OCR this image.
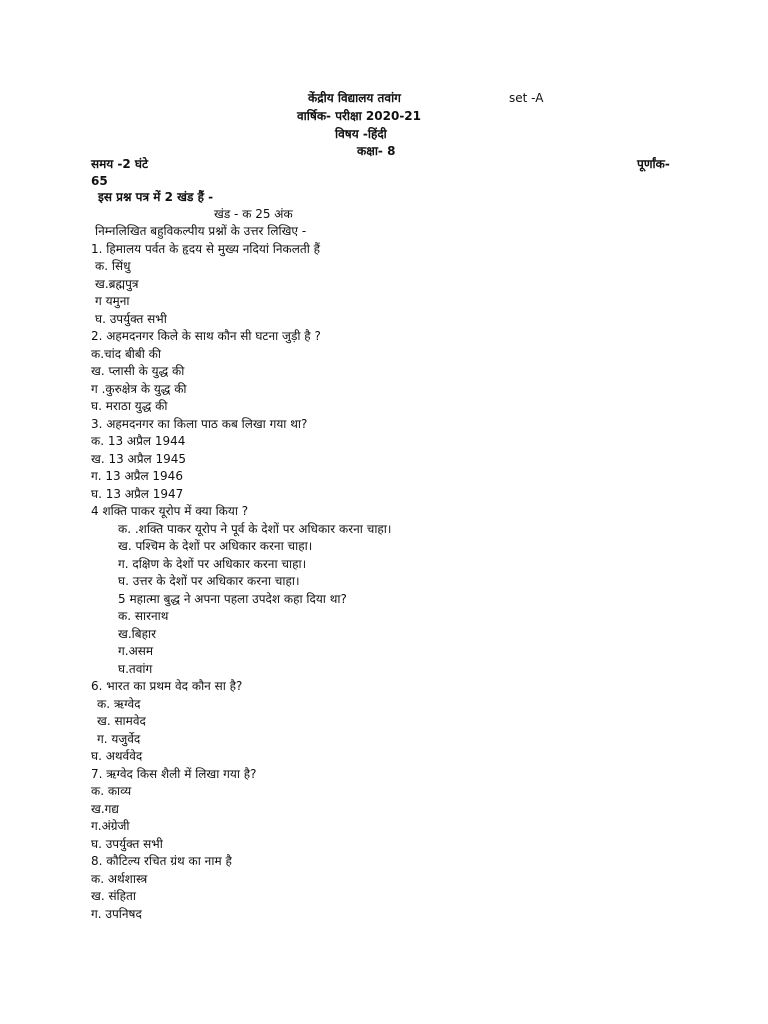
केंद्रीय विद्यालय तवांग	set -A
वार्षिक- परीक्षा 2020-21
विषय -हिंदी
कक्षा- 8
समय -2 घंटे	पूर्णांक-
65
इस प्रश्न पत्र में 2 खंड हैं -
खंड - क 25 अंक
निम्नलिखित बहुविकल्पीय प्रश्नों के उत्तर लिखिए -
1. हिमालय पर्वत के हृदय से मुख्य नदियां निकलती हैं
क. सिंधु
ख.ब्रह्मपुत्र
ग यमुना
घ. उपर्युक्त सभी
2. अहमदनगर किले के साथ कौन सी घटना जुड़ी है ?
क.चांद बीबी की
ख. प्लासी के युद्ध की
ग .कुरुक्षेत्र के युद्ध की
घ. मराठा युद्ध की
3. अहमदनगर का किला पाठ कब लिखा गया था?
क. 13 अप्रैल 1944
ख. 13 अप्रैल 1945
ग. 13 अप्रैल 1946
घ. 13 अप्रैल 1947
4 शक्ति पाकर यूरोप में क्या किया ?
क. .शक्ति पाकर यूरोप ने पूर्व के देशों पर अधिकार करना चाहा।
ख. पश्चिम के देशों पर अधिकार करना चाहा।
ग. दक्षिण के देशों पर अधिकार करना चाहा।
घ. उत्तर के देशों पर अधिकार करना चाहा।
5 महात्मा बुद्ध ने अपना पहला उपदेश कहा दिया था?
क. सारनाथ
ख.बिहार
ग.असम
घ.तवांग
6. भारत का प्रथम वेद कौन सा है?
क. ऋग्वेद
ख. सामवेद
ग. यजुर्वेद
घ. अथर्ववेद
7. ऋग्वेद किस शैली में लिखा गया है?
क. काव्य
ख.गद्य
ग.अंग्रेजी
घ. उपर्युक्त सभी
8. कौटिल्य रचित ग्रंथ का नाम है
क. अर्थशास्त्र
ख. संहिता
ग. उपनिषद
